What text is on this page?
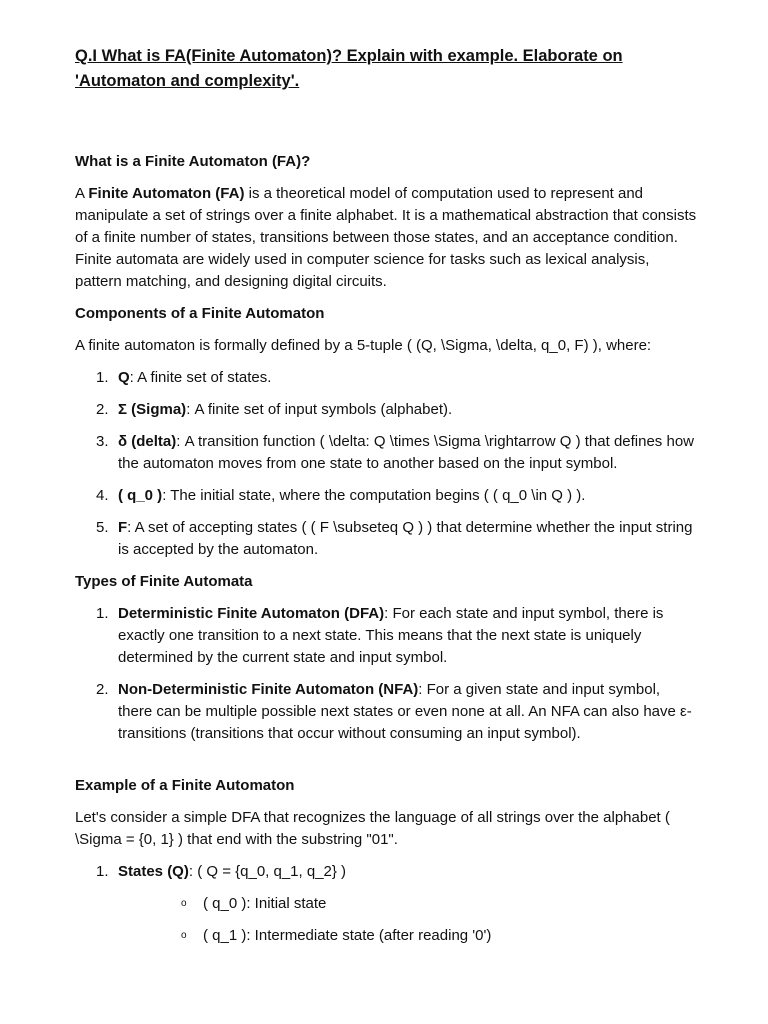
Q.I What is FA(Finite Automaton)? Explain with example. Elaborate on 'Automaton and complexity'.
What is a Finite Automaton (FA)?

A Finite Automaton (FA) is a theoretical model of computation used to represent and manipulate a set of strings over a finite alphabet. It is a mathematical abstraction that consists of a finite number of states, transitions between those states, and an acceptance condition. Finite automata are widely used in computer science for tasks such as lexical analysis, pattern matching, and designing digital circuits.

Components of a Finite Automaton

A finite automaton is formally defined by a 5-tuple ( (Q, \Sigma, \delta, q_0, F) ), where:

1. Q: A finite set of states.
2. Σ (Sigma): A finite set of input symbols (alphabet).
3. δ (delta): A transition function ( \delta: Q \times \Sigma \rightarrow Q ) that defines how the automaton moves from one state to another based on the input symbol.
4. ( q_0 ): The initial state, where the computation begins ( ( q_0 \in Q ) ).
5. F: A set of accepting states ( ( F \subseteq Q ) ) that determine whether the input string is accepted by the automaton.
Types of Finite Automata
1. Deterministic Finite Automaton (DFA): For each state and input symbol, there is exactly one transition to a next state. This means that the next state is uniquely determined by the current state and input symbol.
2. Non-Deterministic Finite Automaton (NFA): For a given state and input symbol, there can be multiple possible next states or even none at all. An NFA can also have ε-transitions (transitions that occur without consuming an input symbol).
Example of a Finite Automaton

Let's consider a simple DFA that recognizes the language of all strings over the alphabet ( \Sigma = {0, 1} ) that end with the substring "01".

1. States (Q): ( Q = {q_0, q_1, q_2} )
o ( q_0 ): Initial state
o ( q_1 ): Intermediate state (after reading '0')
